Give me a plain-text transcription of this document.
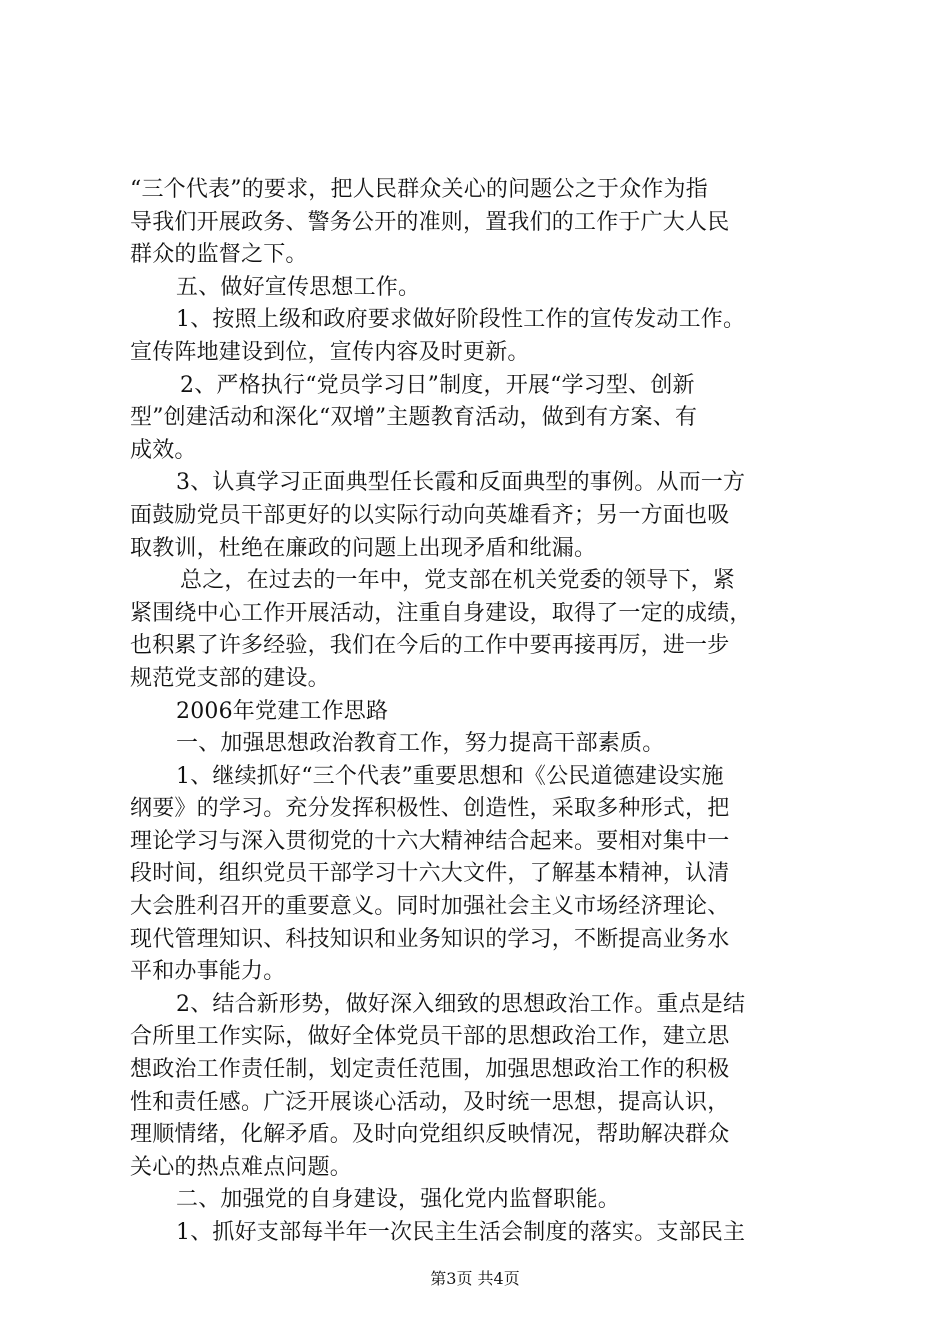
“三个代表”的要求，把人民群众关心的问题公之于众作为指
导我们开展政务、警务公开的准则，置我们的工作于广大人民
群众的监督之下。
五、做好宣传思想工作。
1、按照上级和政府要求做好阶段性工作的宣传发动工作。
宣传阵地建设到位，宣传内容及时更新。
2、严格执行“党员学习日”制度，开展“学习型、创新
型”创建活动和深化“双增”主题教育活动，做到有方案、有
成效。
3、认真学习正面典型任长霞和反面典型的事例。从而一方
面鼓励党员干部更好的以实际行动向英雄看齐；另一方面也吸
取教训，杜绝在廉政的问题上出现矛盾和纰漏。
总之，在过去的一年中，党支部在机关党委的领导下，紧
紧围绕中心工作开展活动，注重自身建设，取得了一定的成绩，
也积累了许多经验，我们在今后的工作中要再接再厉，进一步
规范党支部的建设。
2006年党建工作思路
一、加强思想政治教育工作，努力提高干部素质。
1、继续抓好“三个代表”重要思想和《公民道德建设实施
纲要》的学习。充分发挥积极性、创造性，采取多种形式，把
理论学习与深入贯彻党的十六大精神结合起来。要相对集中一
段时间，组织党员干部学习十六大文件，了解基本精神，认清
大会胜利召开的重要意义。同时加强社会主义市场经济理论、
现代管理知识、科技知识和业务知识的学习，不断提高业务水
平和办事能力。
2、结合新形势，做好深入细致的思想政治工作。重点是结
合所里工作实际，做好全体党员干部的思想政治工作，建立思
想政治工作责任制，划定责任范围，加强思想政治工作的积极
性和责任感。广泛开展谈心活动，及时统一思想，提高认识，
理顺情绪，化解矛盾。及时向党组织反映情况，帮助解决群众
关心的热点难点问题。
二、加强党的自身建设，强化党内监督职能。
1、抓好支部每半年一次民主生活会制度的落实。支部民主
第3页 共4页
